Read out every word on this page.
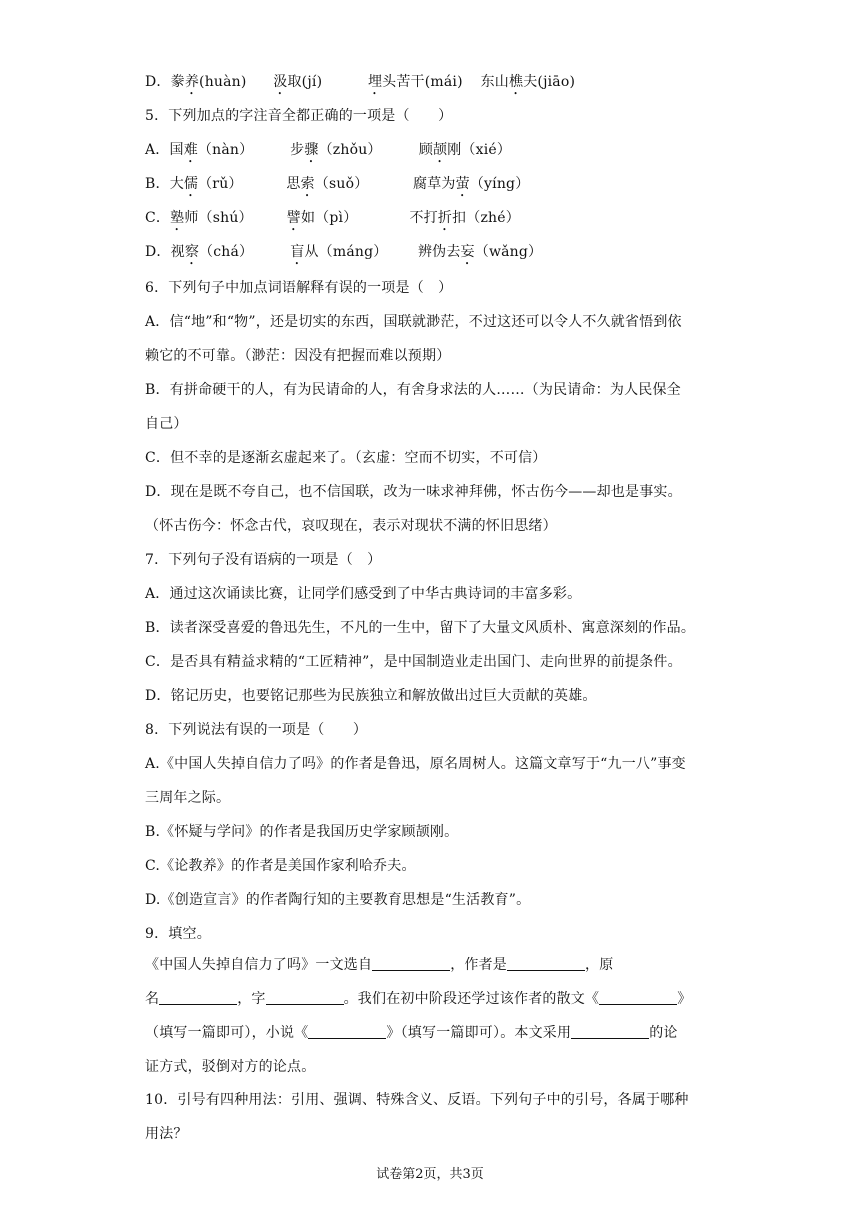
D．豢养(huàn) 汲取(jí)	埋头苦干(mái) 东山樵夫(jiāo)
5．下列加点的字注音全都正确的一项是（　　）
A．国难（nàn）	步骤（zhǒu）	顾颉刚（xié）
B．大儒（rǔ）	思索（suǒ）	腐草为萤（yíng）
C．塾师（shú） 譬如（pì）	不打折扣（zhé）
D．视察（chá）	盲从（máng） 辨伪去妄（wǎng）
6．下列句子中加点词语解释有误的一项是（　）
A．信“地”和“物”，还是切实的东西，国联就渺茫，不过这还可以令人不久就省悟到依
赖它的不可靠。（渺茫：因没有把握而难以预期）
B．有拼命硬干的人，有为民请命的人，有舍身求法的人……（为民请命：为人民保全
自己）
C．但不幸的是逐渐玄虚起来了。（玄虚：空而不切实，不可信）
D．现在是既不夸自己，也不信国联，改为一味求神拜佛，怀古伤今——却也是事实。
（怀古伤今：怀念古代，哀叹现在，表示对现状不满的怀旧思绪）
7．下列句子没有语病的一项是（　）
A．通过这次诵读比赛，让同学们感受到了中华古典诗词的丰富多彩。
B．读者深受喜爱的鲁迅先生，不凡的一生中，留下了大量文风质朴、寓意深刻的作品。
C．是否具有精益求精的“工匠精神”，是中国制造业走出国门、走向世界的前提条件。
D．铭记历史，也要铭记那些为民族独立和解放做出过巨大贡献的英雄。
8．下列说法有误的一项是（　　）
A.《中国人失掉自信力了吗》的作者是鲁迅，原名周树人。这篇文章写于“九一八”事变
三周年之际。
B.《怀疑与学问》的作者是我国历史学家顾颉刚。
C.《论教养》的作者是美国作家利哈乔夫。
D.《创造宣言》的作者陶行知的主要教育思想是“生活教育”。
9．填空。
《中国人失掉自信力了吗》一文选自	，作者是	，原
名	，字	。我们在初中阶段还学过该作者的散文《	》
（填写一篇即可），小说《	》（填写一篇即可）。本文采用	的论
证方式，驳倒对方的论点。
10．引号有四种用法：引用、强调、特殊含义、反语。下列句子中的引号，各属于哪种
用法？
试卷第2页，共3页
